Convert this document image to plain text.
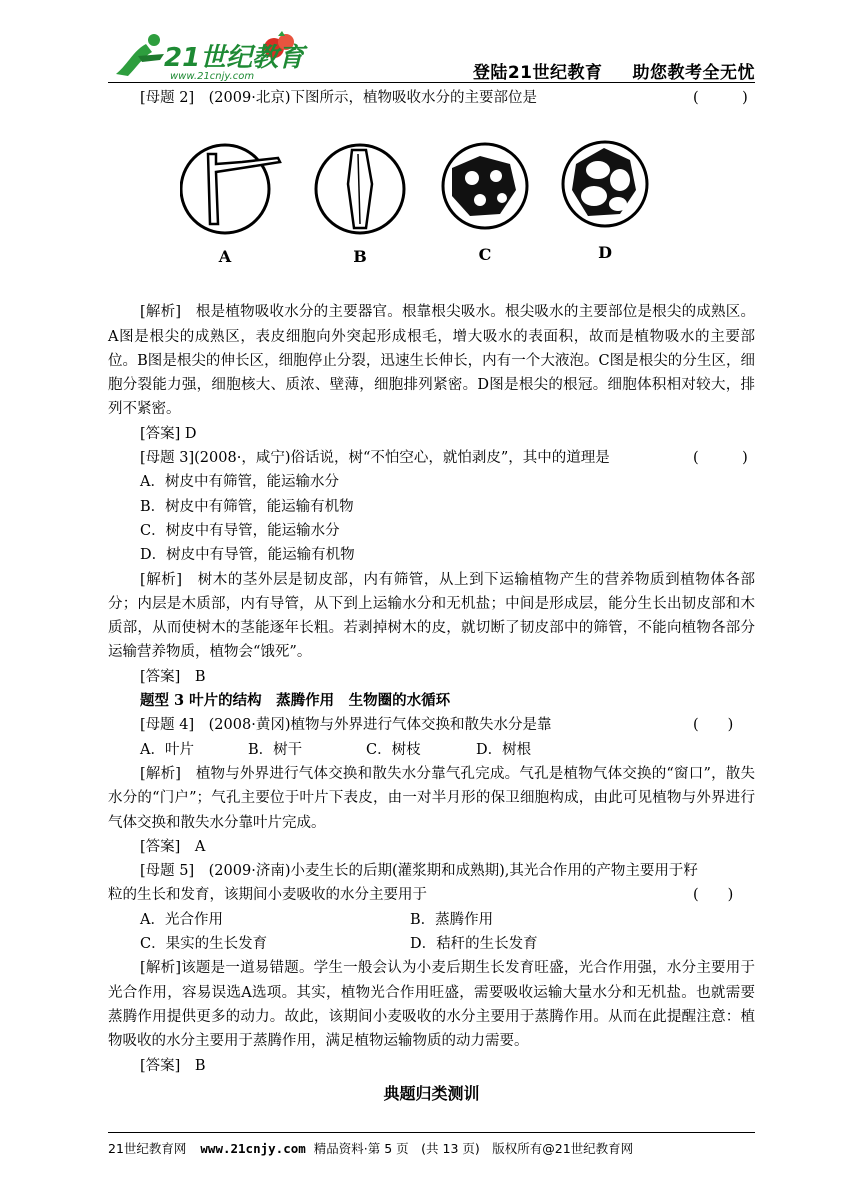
21世纪教育
www.21cnjy.com	登陆21世纪教育 助您教考全无忧
[母题 2]　(2009·北京)下图所示，植物吸收水分的主要部位是	(　　　)
A	B	C	D

[解析]　根是植物吸收水分的主要器官。根靠根尖吸水。根尖吸水的主要部位是根尖的成熟区。A图是根尖的成熟区，表皮细胞向外突起形成根毛，增大吸水的表面积，故而是植物吸水的主要部位。B图是根尖的伸长区，细胞停止分裂，迅速生长伸长，内有一个大液泡。C图是根尖的分生区，细胞分裂能力强，细胞核大、质浓、壁薄，细胞排列紧密。D图是根尖的根冠。细胞体积相对较大，排列不紧密。

[答案] D

[母题 3](2008·，咸宁)俗话说，树“不怕空心，就怕剥皮”，其中的道理是	(　　　)

A．树皮中有筛管，能运输水分

B．树皮中有筛管，能运输有机物

C．树皮中有导管，能运输水分

D．树皮中有导管，能运输有机物

[解析]　树木的茎外层是韧皮部，内有筛管，从上到下运输植物产生的营养物质到植物体各部分；内层是木质部，内有导管，从下到上运输水分和无机盐；中间是形成层，能分生长出韧皮部和木质部，从而使树木的茎能逐年长粗。若剥掉树木的皮，就切断了韧皮部中的筛管，不能向植物各部分运输营养物质，植物会“饿死”。

[答案]　B

题型 3 叶片的结构　蒸腾作用　生物圈的水循环

[母题 4]　(2008·黄冈)植物与外界进行气体交换和散失水分是靠	(　　)

A．叶片	B．树干	C．树枝	D．树根

[解析]　植物与外界进行气体交换和散失水分靠气孔完成。气孔是植物气体交换的“窗口”，散失水分的“门户”；气孔主要位于叶片下表皮，由一对半月形的保卫细胞构成，由此可见植物与外界进行气体交换和散失水分靠叶片完成。

[答案]　A

[母题 5]　(2009·济南)小麦生长的后期(灌浆期和成熟期),其光合作用的产物主要用于籽

粒的生长和发育，该期间小麦吸收的水分主要用于	(　　)
A．光合作用	B．蒸腾作用
C．果实的生长发育	D．秸秆的生长发育

[解析]该题是一道易错题。学生一般会认为小麦后期生长发育旺盛，光合作用强，水分主要用于光合作用，容易误选A选项。其实，植物光合作用旺盛，需要吸收运输大量水分和无机盐。也就需要蒸腾作用提供更多的动力。故此，该期间小麦吸收的水分主要用于蒸腾作用。从而在此提醒注意：植物吸收的水分主要用于蒸腾作用，满足植物运输物质的动力需要。

[答案]　B

典题归类测训
21世纪教育网 www.21cnjy.com 精品资料·第 5 页　(共 13 页)　版权所有@21世纪教育网
